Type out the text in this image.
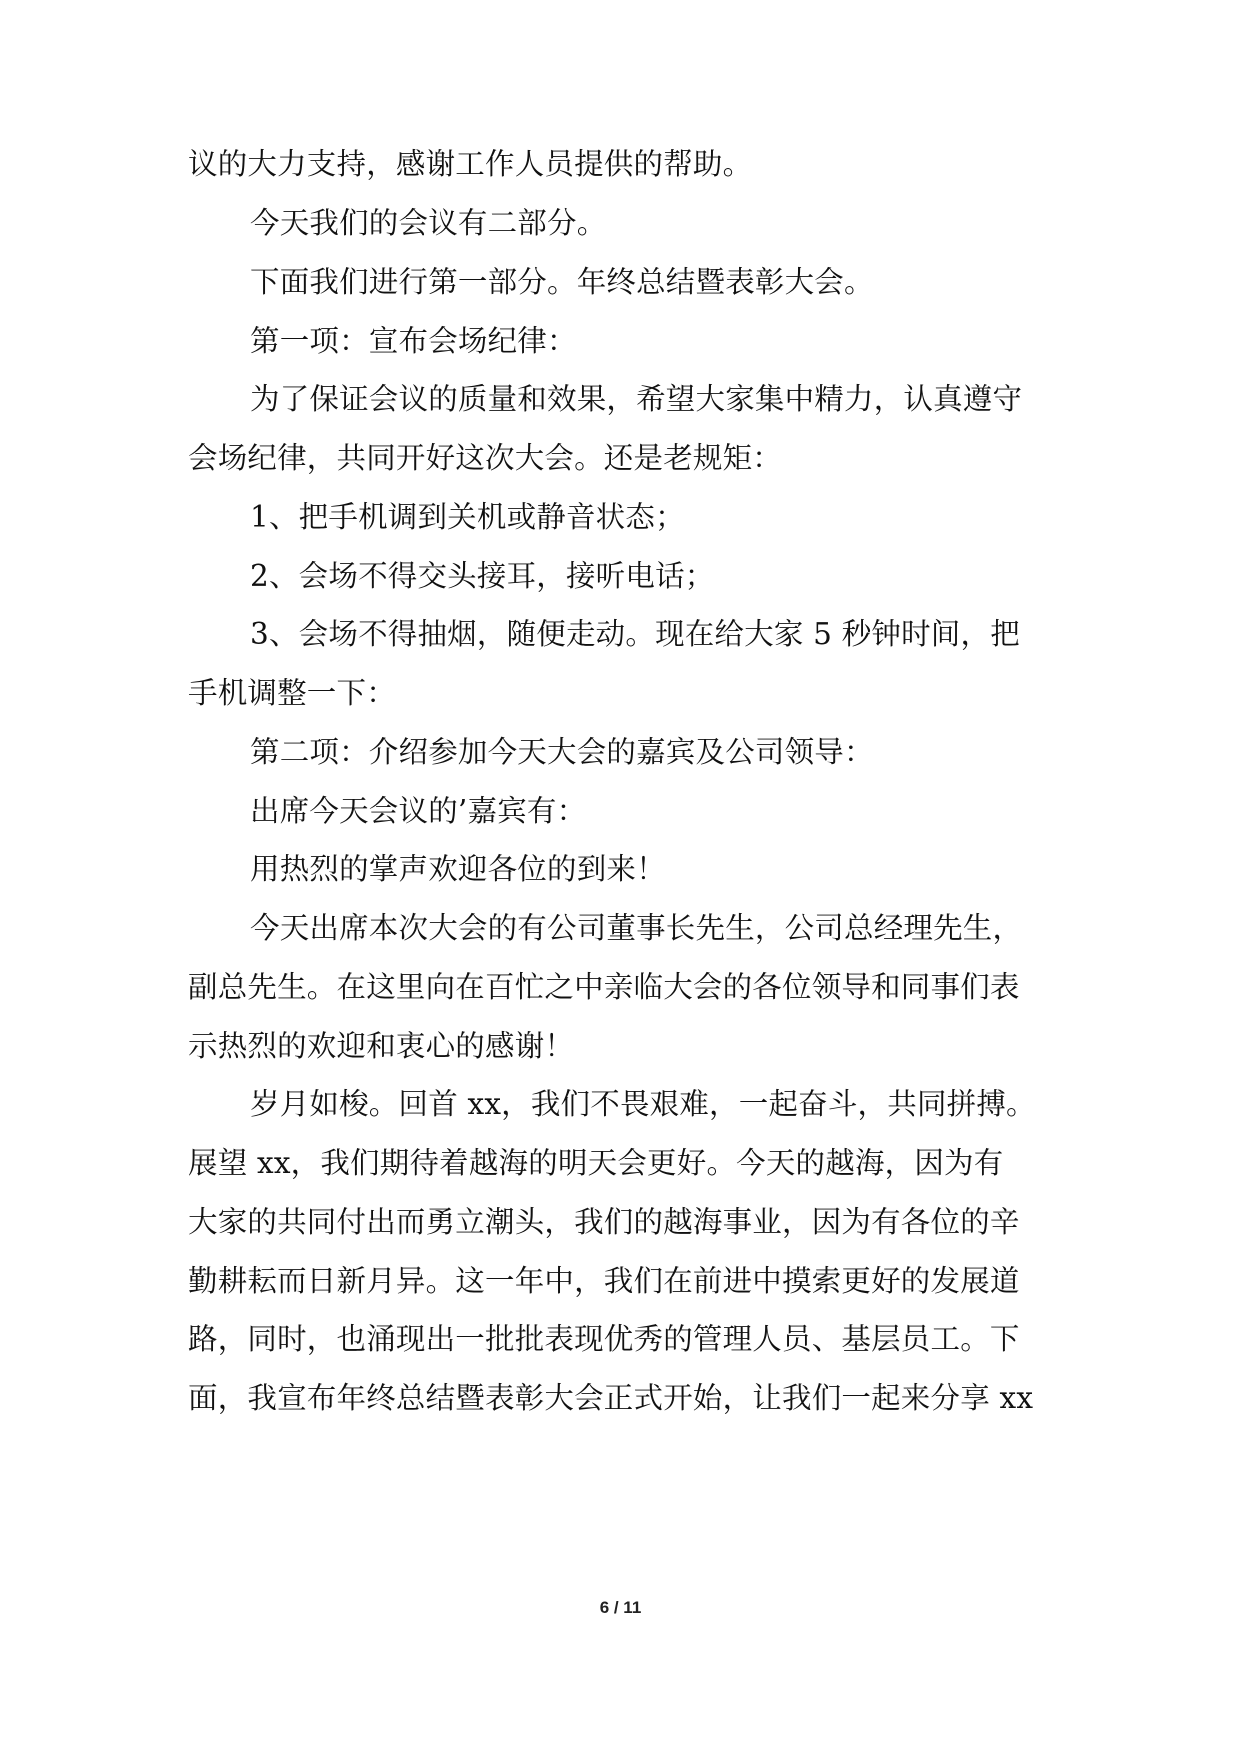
议的大力支持，感谢工作人员提供的帮助。
今天我们的会议有二部分。
下面我们进行第一部分。年终总结暨表彰大会。
第一项：宣布会场纪律：
为了保证会议的质量和效果，希望大家集中精力，认真遵守
会场纪律，共同开好这次大会。还是老规矩：
1、把手机调到关机或静音状态；
2、会场不得交头接耳，接听电话；
3、会场不得抽烟，随便走动。现在给大家 5 秒钟时间，把
手机调整一下：
第二项：介绍参加今天大会的嘉宾及公司领导：
出席今天会议的’嘉宾有：
用热烈的掌声欢迎各位的到来！
今天出席本次大会的有公司董事长先生，公司总经理先生，
副总先生。在这里向在百忙之中亲临大会的各位领导和同事们表
示热烈的欢迎和衷心的感谢！
岁月如梭。回首 xx，我们不畏艰难，一起奋斗，共同拼搏。
展望 xx，我们期待着越海的明天会更好。今天的越海，因为有
大家的共同付出而勇立潮头，我们的越海事业，因为有各位的辛
勤耕耘而日新月异。这一年中，我们在前进中摸索更好的发展道
路，同时，也涌现出一批批表现优秀的管理人员、基层员工。下
面，我宣布年终总结暨表彰大会正式开始，让我们一起来分享 xx
6 / 11
